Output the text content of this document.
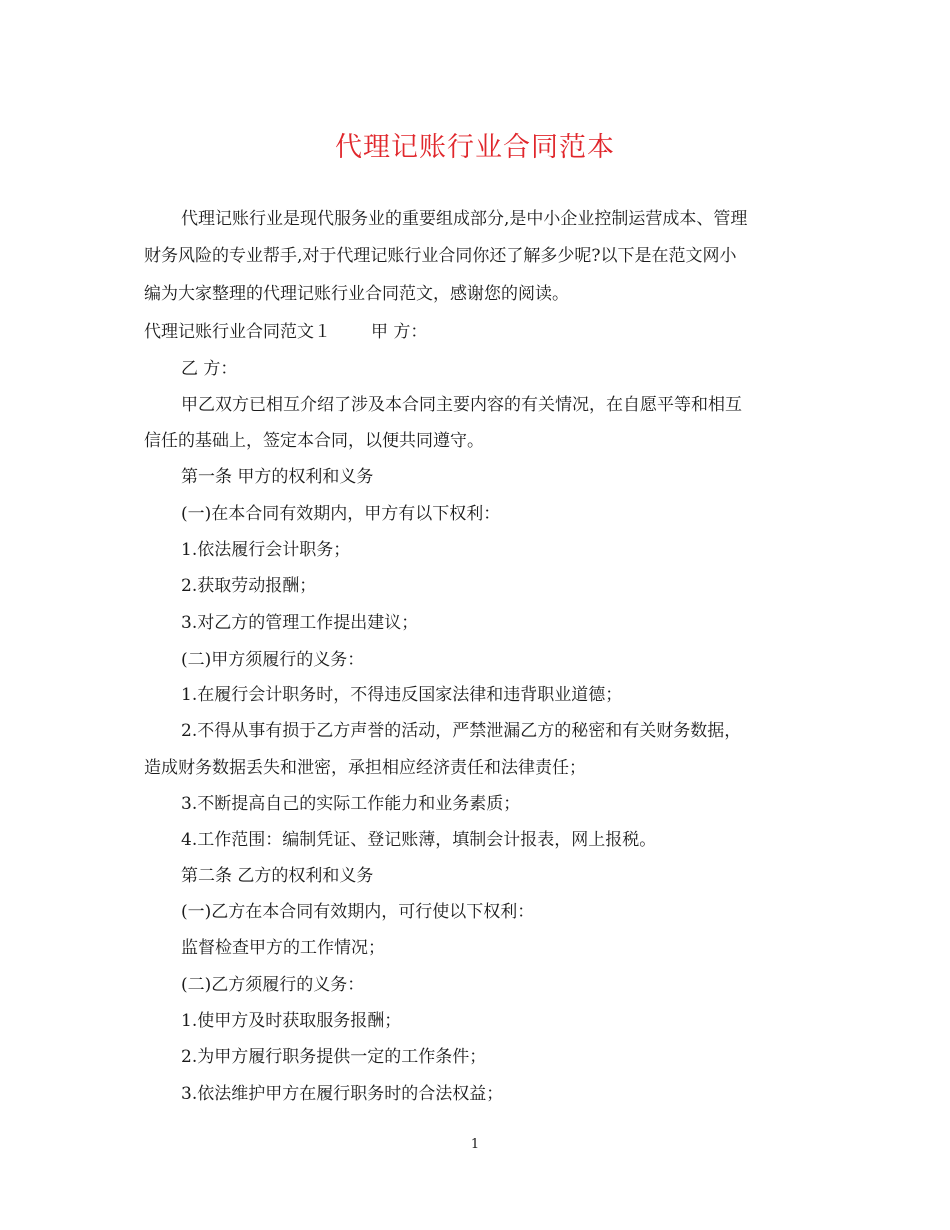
代理记账行业合同范本
代理记账行业是现代服务业的重要组成部分,是中小企业控制运营成本、管理
财务风险的专业帮手,对于代理记账行业合同你还了解多少呢?以下是在范文网小
编为大家整理的代理记账行业合同范文，感谢您的阅读。
代理记账行业合同范文１ 甲 方：
乙 方：
甲乙双方已相互介绍了涉及本合同主要内容的有关情况，在自愿平等和相互
信任的基础上，签定本合同，以便共同遵守。
第一条 甲方的权利和义务
(一)在本合同有效期内，甲方有以下权利：
1.依法履行会计职务；
2.获取劳动报酬；
3.对乙方的管理工作提出建议；
(二)甲方须履行的义务：
1.在履行会计职务时，不得违反国家法律和违背职业道德；
2.不得从事有损于乙方声誉的活动，严禁泄漏乙方的秘密和有关财务数据，
造成财务数据丢失和泄密，承担相应经济责任和法律责任；
3.不断提高自己的实际工作能力和业务素质；
4.工作范围：编制凭证、登记账薄，填制会计报表，网上报税。
第二条 乙方的权利和义务
(一)乙方在本合同有效期内，可行使以下权利：
监督检查甲方的工作情况；
(二)乙方须履行的义务：
1.使甲方及时获取服务报酬；
2.为甲方履行职务提供一定的工作条件；
3.依法维护甲方在履行职务时的合法权益；
1
